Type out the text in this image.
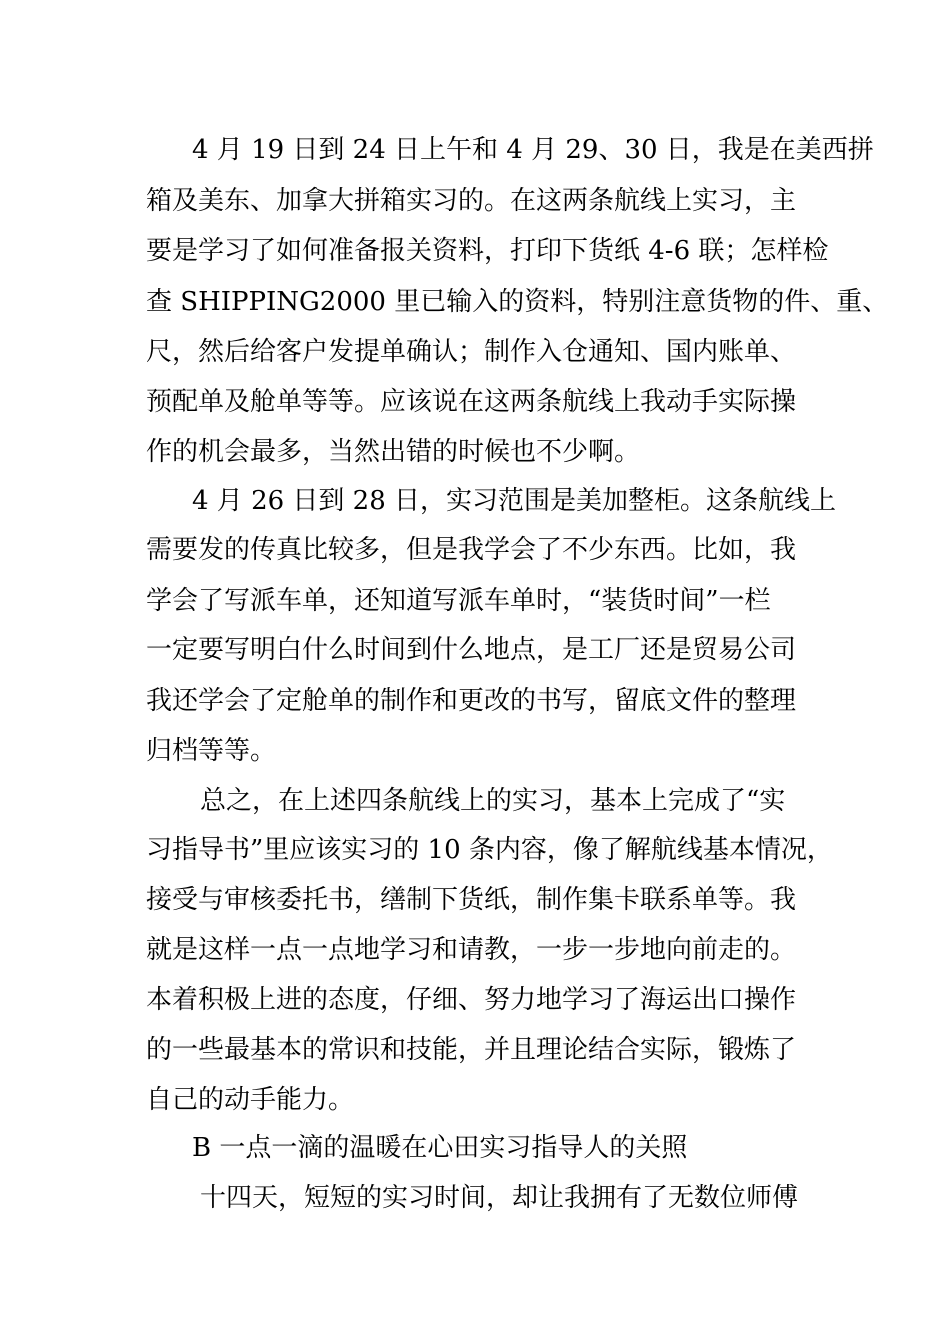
4 月 19 日到 24 日上午和 4 月 29、30 日，我是在美西拼
箱及美东、加拿大拼箱实习的。在这两条航线上实习，主
要是学习了如何准备报关资料，打印下货纸 4-6 联；怎样检
查 SHIPPING2000 里已输入的资料，特别注意货物的件、重、
尺，然后给客户发提单确认；制作入仓通知、国内账单、
预配单及舱单等等。应该说在这两条航线上我动手实际操
作的机会最多，当然出错的时候也不少啊。
4 月 26 日到 28 日，实习范围是美加整柜。这条航线上
需要发的传真比较多，但是我学会了不少东西。比如，我
学会了写派车单，还知道写派车单时，“装货时间”一栏
一定要写明白什么时间到什么地点，是工厂还是贸易公司
我还学会了定舱单的制作和更改的书写，留底文件的整理
归档等等。
总之，在上述四条航线上的实习，基本上完成了“实
习指导书”里应该实习的 10 条内容，像了解航线基本情况，
接受与审核委托书，缮制下货纸，制作集卡联系单等。我
就是这样一点一点地学习和请教，一步一步地向前走的。
本着积极上进的态度，仔细、努力地学习了海运出口操作
的一些最基本的常识和技能，并且理论结合实际，锻炼了
自己的动手能力。
B 一点一滴的温暖在心田实习指导人的关照
十四天，短短的实习时间，却让我拥有了无数位师傅
